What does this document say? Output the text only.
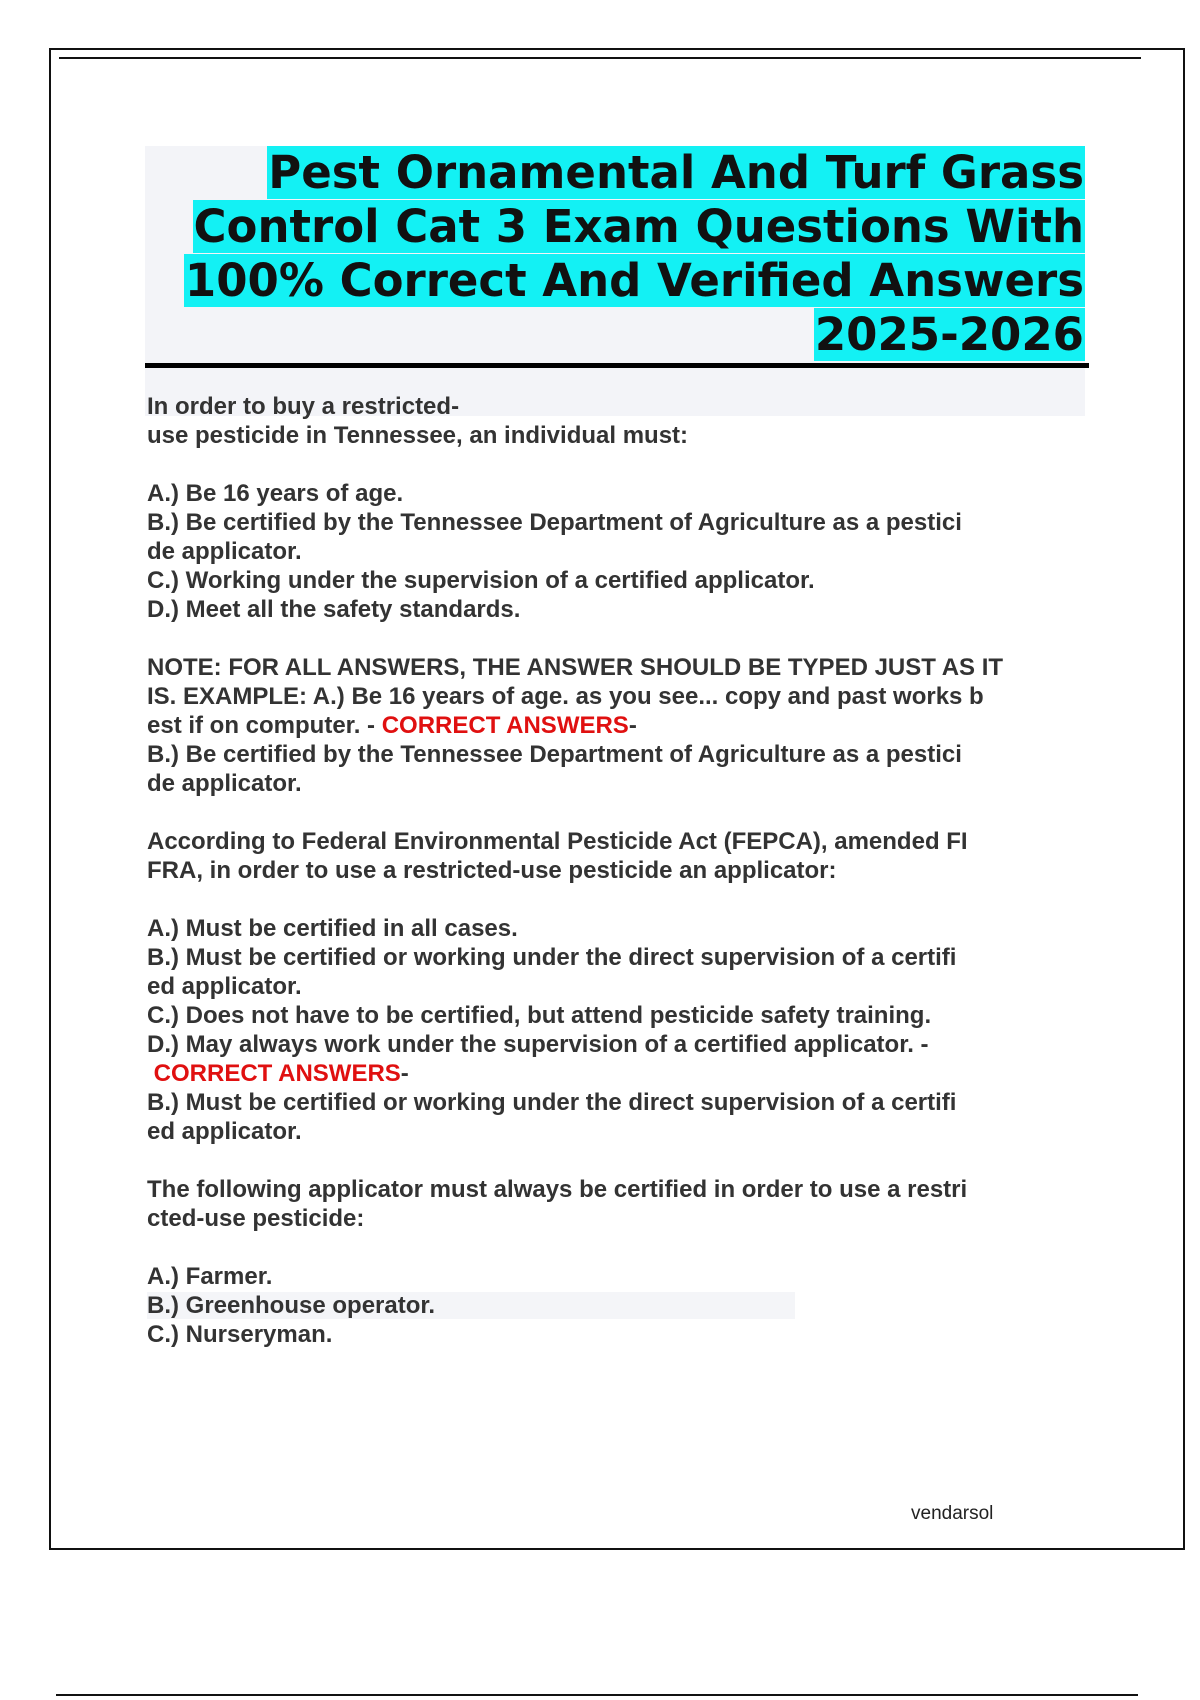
Pest Ornamental And Turf Grass
Control Cat 3 Exam Questions With
100% Correct And Verified Answers
2025-2026
In order to buy a restricted-
use pesticide in Tennessee, an individual must:
A.) Be 16 years of age.
B.) Be certified by the Tennessee Department of Agriculture as a pestici
de applicator.
C.) Working under the supervision of a certified applicator.
D.) Meet all the safety standards.
NOTE: FOR ALL ANSWERS, THE ANSWER SHOULD BE TYPED JUST AS IT
IS. EXAMPLE: A.) Be 16 years of age. as you see... copy and past works b
est if on computer. - CORRECT ANSWERS-
B.) Be certified by the Tennessee Department of Agriculture as a pestici
de applicator.
According to Federal Environmental Pesticide Act (FEPCA), amended FI
FRA, in order to use a restricted-use pesticide an applicator:
A.) Must be certified in all cases.
B.) Must be certified or working under the direct supervision of a certifi
ed applicator.
C.) Does not have to be certified, but attend pesticide safety training.
D.) May always work under the supervision of a certified applicator. -
CORRECT ANSWERS-
B.) Must be certified or working under the direct supervision of a certifi
ed applicator.
The following applicator must always be certified in order to use a restri
cted-use pesticide:
A.) Farmer.
B.) Greenhouse operator.
C.) Nurseryman.
vendarsol
